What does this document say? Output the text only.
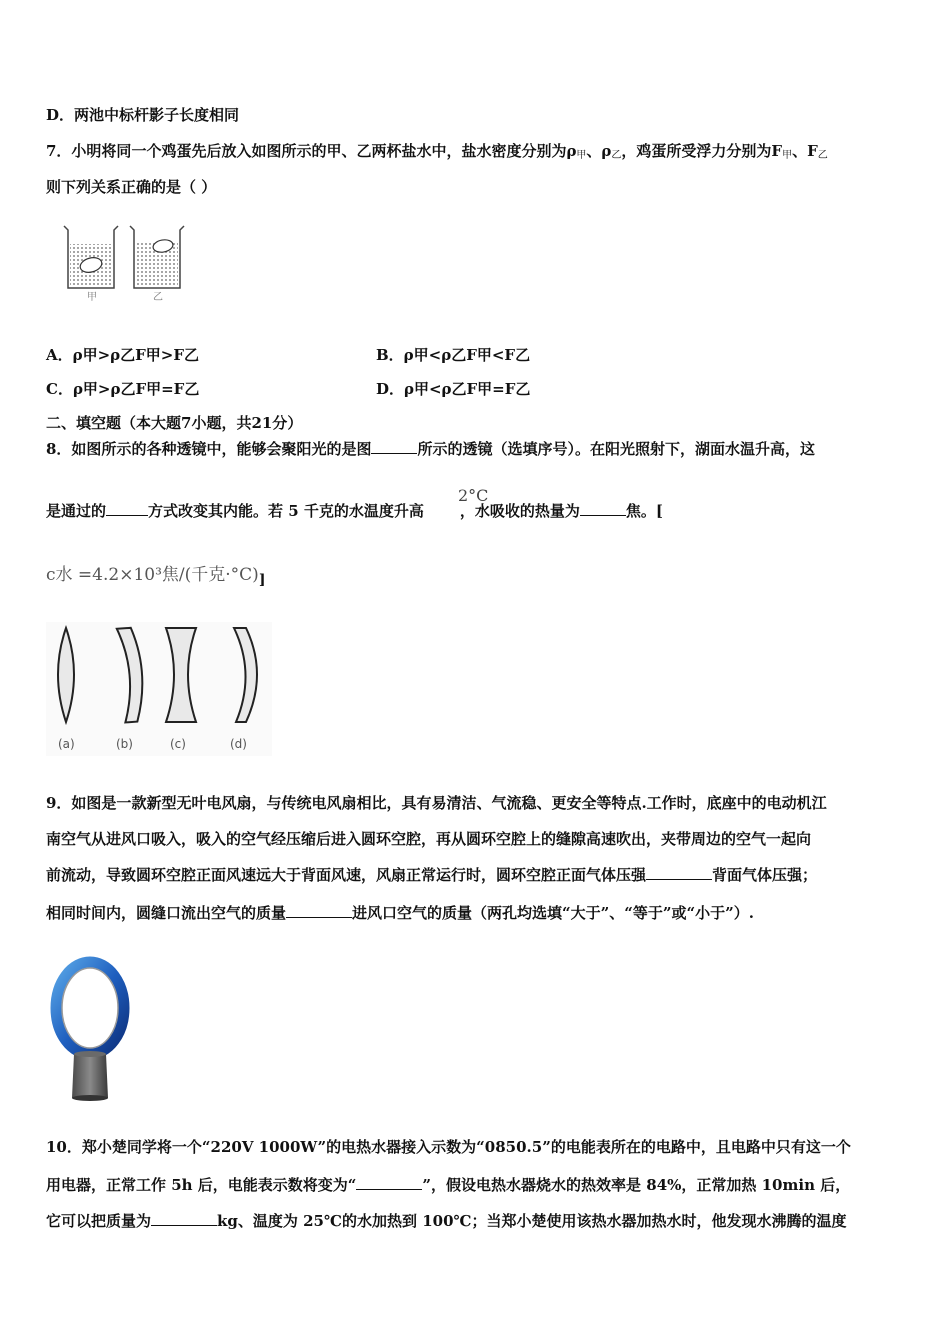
D．两池中标杆影子长度相同
7．小明将同一个鸡蛋先后放入如图所示的甲、乙两杯盐水中，盐水密度分别为$\rho_甲$、$\rho_乙$，鸡蛋所受浮力分别为$F_甲$、$F_乙$
则下列关系正确的是（ ）
甲	乙
A．ρ甲>ρ乙F甲>F乙	B．ρ甲<ρ乙F甲<F乙
C．ρ甲>ρ乙F甲=F乙	D．ρ甲<ρ乙F甲=F乙
二、填空题（本大题7小题，共21分）
8．如图所示的各种透镜中，能够会聚阳光的是图	所示的透镜（选填序号）。在阳光照射下，湖面水温升高，这
2°C
是通过的	方式改变其内能。若 5 千克的水温度升高 ，水吸收的热量为	焦。[
c水 =4.2×10³焦/(千克$\cdot^\circ C)_]$
(a)	(b)	(c)	(d)
9．如图是一款新型无叶电风扇，与传统电风扇相比，具有易清洁、气流稳、更安全等特点.工作时，底座中的电动机江
南空气从进风口吸入，吸入的空气经压缩后进入圆环空腔，再从圆环空腔上的缝隙高速吹出，夹带周边的空气一起向
前流动，导致圆环空腔正面风速远大于背面风速，风扇正常运行时，圆环空腔正面气体压强	背面气体压强；
相同时间内，圆缝口流出空气的质量	进风口空气的质量（两孔均选填“大于”、“等于”或“小于”）.
10．郑小楚同学将一个“220V 1000W”的电热水器接入示数为“0850.5”的电能表所在的电路中，且电路中只有这一个
用电器，正常工作 5h 后，电能表示数将变为“	”，假设电热水器烧水的热效率是 84%，正常加热 10min 后，
它可以把质量为	kg、温度为 25℃的水加热到 100℃；当郑小楚使用该热水器加热水时，他发现水沸腾的温度
